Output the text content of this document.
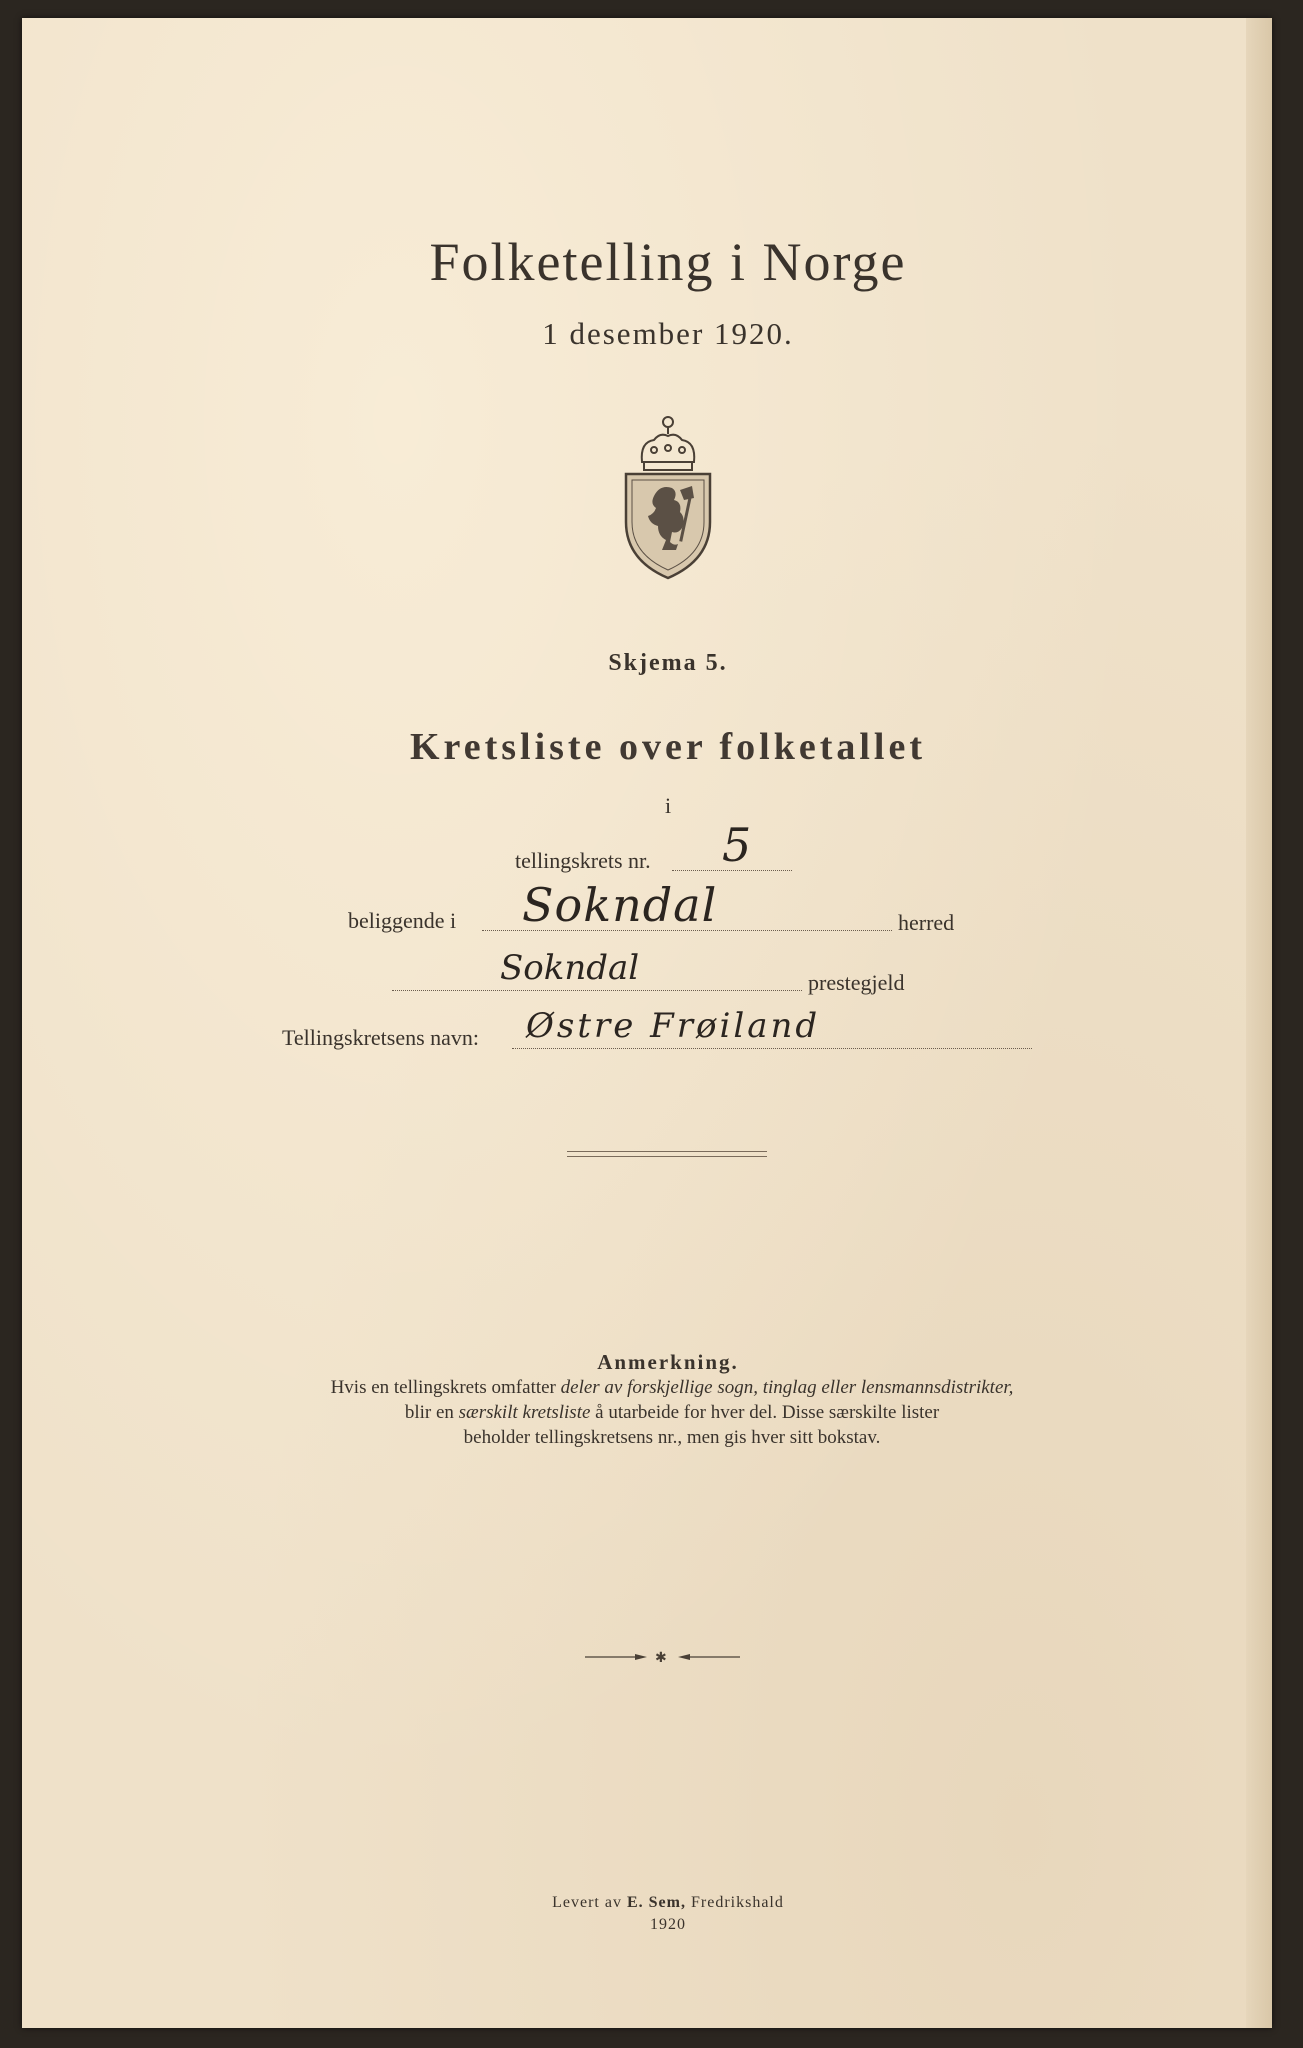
Folketelling i Norge
1 desember 1920.
Skjema 5.
Kretsliste over folketallet
i
tellingskrets nr. 5
beliggende i Sokndal	herred
Sokndal	prestegjeld
Tellingskretsens navn: Østre Frøiland
Anmerkning.
Hvis en tellingskrets omfatter deler av forskjellige sogn, tinglag eller lensmannsdistrikter,
blir en særskilt kretsliste å utarbeide for hver del. Disse særskilte lister
beholder tellingskretsens nr., men gis hver sitt bokstav.
✱
Levert av E. Sem, Fredrikshald
1920
